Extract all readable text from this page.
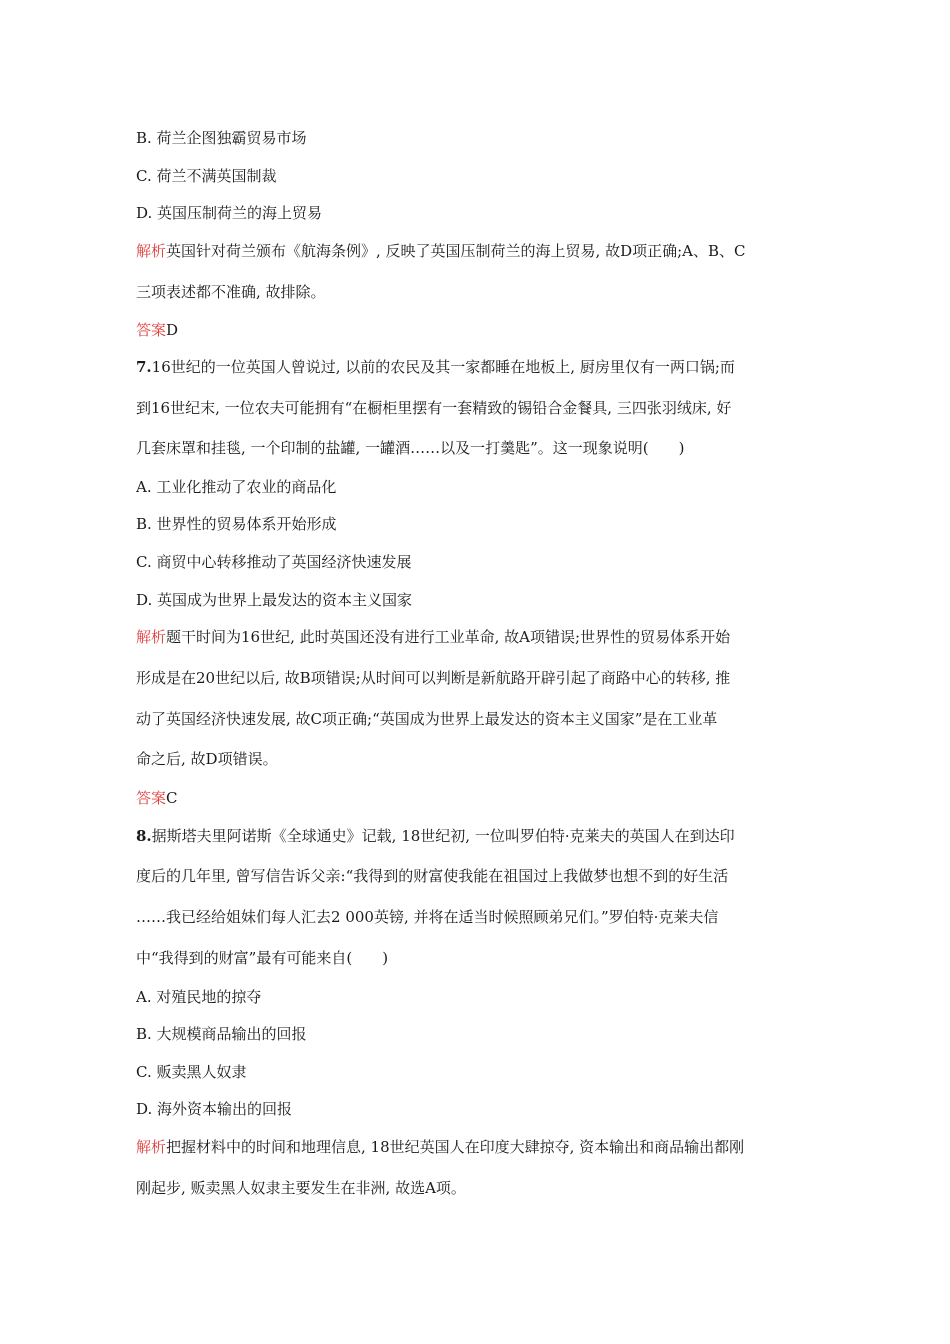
B. 荷兰企图独霸贸易市场
C. 荷兰不满英国制裁
D. 英国压制荷兰的海上贸易
解析英国针对荷兰颁布《航海条例》, 反映了英国压制荷兰的海上贸易, 故D项正确;A、B、C
三项表述都不准确, 故排除。
答案D
7.16世纪的一位英国人曾说过, 以前的农民及其一家都睡在地板上, 厨房里仅有一两口锅;而
到16世纪末, 一位农夫可能拥有“在橱柜里摆有一套精致的锡铅合金餐具, 三四张羽绒床, 好
几套床罩和挂毯, 一个印制的盐罐, 一罐酒……以及一打羹匙”。这一现象说明(　　)
A. 工业化推动了农业的商品化
B. 世界性的贸易体系开始形成
C. 商贸中心转移推动了英国经济快速发展
D. 英国成为世界上最发达的资本主义国家
解析题干时间为16世纪, 此时英国还没有进行工业革命, 故A项错误;世界性的贸易体系开始
形成是在20世纪以后, 故B项错误;从时间可以判断是新航路开辟引起了商路中心的转移, 推
动了英国经济快速发展, 故C项正确;“英国成为世界上最发达的资本主义国家”是在工业革
命之后, 故D项错误。
答案C
8.据斯塔夫里阿诺斯《全球通史》记载, 18世纪初, 一位叫罗伯特·克莱夫的英国人在到达印
度后的几年里, 曾写信告诉父亲:“我得到的财富使我能在祖国过上我做梦也想不到的好生活
……我已经给姐妹们每人汇去2 000英镑, 并将在适当时候照顾弟兄们。”罗伯特·克莱夫信
中“我得到的财富”最有可能来自(　　)
A. 对殖民地的掠夺
B. 大规模商品输出的回报
C. 贩卖黑人奴隶
D. 海外资本输出的回报
解析把握材料中的时间和地理信息, 18世纪英国人在印度大肆掠夺, 资本输出和商品输出都刚
刚起步, 贩卖黑人奴隶主要发生在非洲, 故选A项。
